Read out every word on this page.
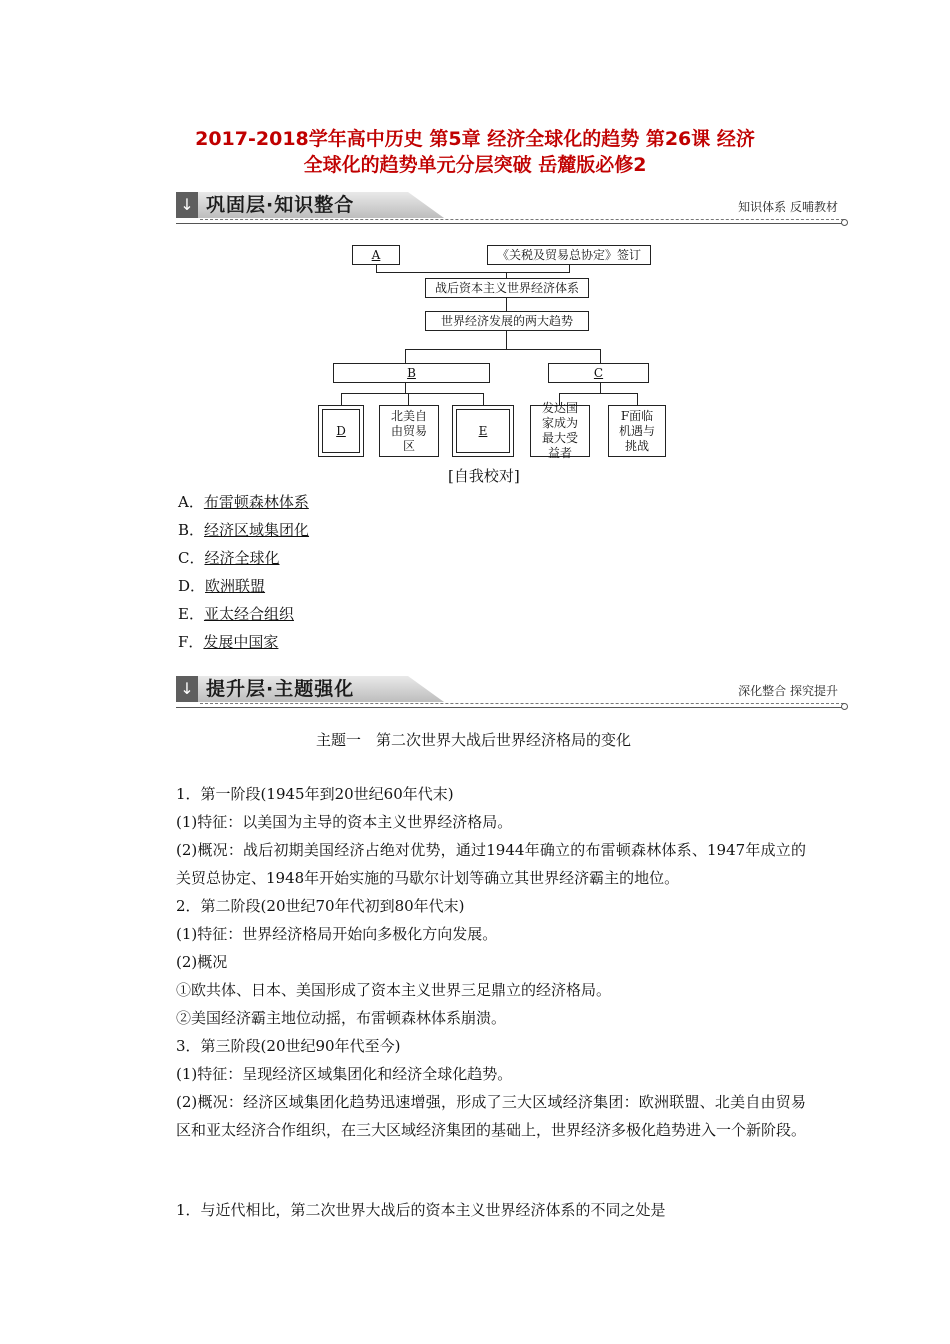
2017-2018学年高中历史 第5章 经济全球化的趋势 第26课 经济
全球化的趋势单元分层突破 岳麓版必修2
↓ 巩固层·知识整合	知识体系 反哺教材
A	《关税及贸易总协定》签订
战后资本主义世界经济体系
世界经济发展的两大趋势
B	C
D
北美自由贸易区
E
发达国家成为最大受益者
F面临机遇与挑战
[自我校对]
A．布雷顿森林体系
B．经济区域集团化
C．经济全球化
D．欧洲联盟
E．亚太经合组织
F．发展中国家
↓ 提升层·主题强化	深化整合 探究提升
主题一　第二次世界大战后世界经济格局的变化
1．第一阶段(1945年到20世纪60年代末)
(1)特征：以美国为主导的资本主义世界经济格局。
(2)概况：战后初期美国经济占绝对优势，通过1944年确立的布雷顿森林体系、1947年成立的关贸总协定、1948年开始实施的马歇尔计划等确立其世界经济霸主的地位。
2．第二阶段(20世纪70年代初到80年代末)
(1)特征：世界经济格局开始向多极化方向发展。
(2)概况
①欧共体、日本、美国形成了资本主义世界三足鼎立的经济格局。
②美国经济霸主地位动摇，布雷顿森林体系崩溃。
3．第三阶段(20世纪90年代至今)
(1)特征：呈现经济区域集团化和经济全球化趋势。
(2)概况：经济区域集团化趋势迅速增强，形成了三大区域经济集团：欧洲联盟、北美自由贸易区和亚太经济合作组织，在三大区域经济集团的基础上，世界经济多极化趋势进入一个新阶段。
1．与近代相比，第二次世界大战后的资本主义世界经济体系的不同之处是
